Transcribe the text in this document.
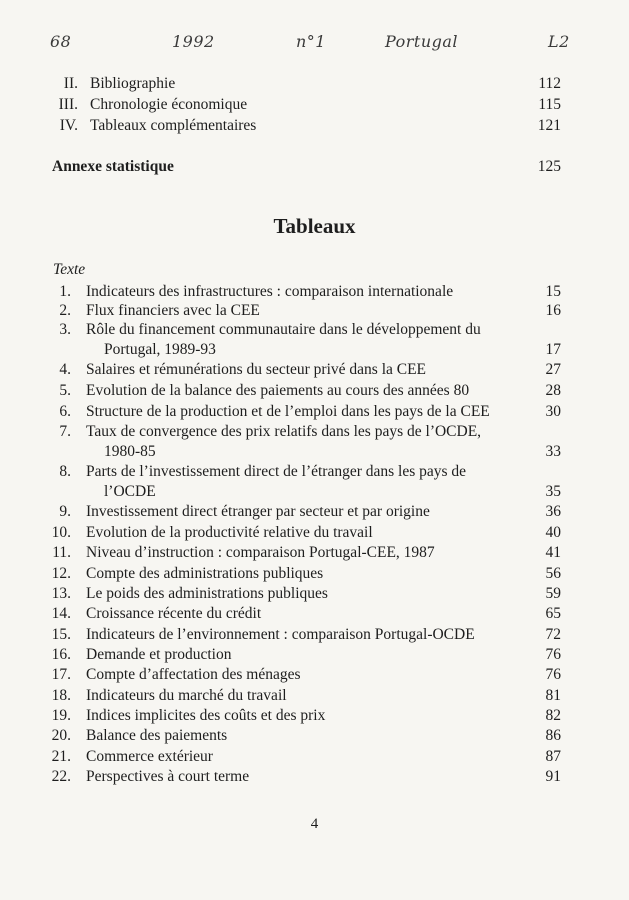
68	1992	n°1	Portugal	L2
II. Bibliographie	112
III. Chronologie économique	115
IV. Tableaux complémentaires	121
Annexe statistique	125
Tableaux
Texte
1. Indicateurs des infrastructures : comparaison internationale	15
2. Flux financiers avec la CEE	16
3. Rôle du financement communautaire dans le développement du
Portugal, 1989-93	17
4. Salaires et rémunérations du secteur privé dans la CEE	27
5. Evolution de la balance des paiements au cours des années 80	28
6. Structure de la production et de l’emploi dans les pays de la CEE	30
7. Taux de convergence des prix relatifs dans les pays de l’OCDE,
1980-85	33
8. Parts de l’investissement direct de l’étranger dans les pays de
l’OCDE	35
9. Investissement direct étranger par secteur et par origine	36
10. Evolution de la productivité relative du travail	40
11. Niveau d’instruction : comparaison Portugal-CEE, 1987	41
12. Compte des administrations publiques	56
13. Le poids des administrations publiques	59
14. Croissance récente du crédit	65
15. Indicateurs de l’environnement : comparaison Portugal-OCDE	72
16. Demande et production	76
17. Compte d’affectation des ménages	76
18. Indicateurs du marché du travail	81
19. Indices implicites des coûts et des prix	82
20. Balance des paiements	86
21. Commerce extérieur	87
22. Perspectives à court terme	91
4
